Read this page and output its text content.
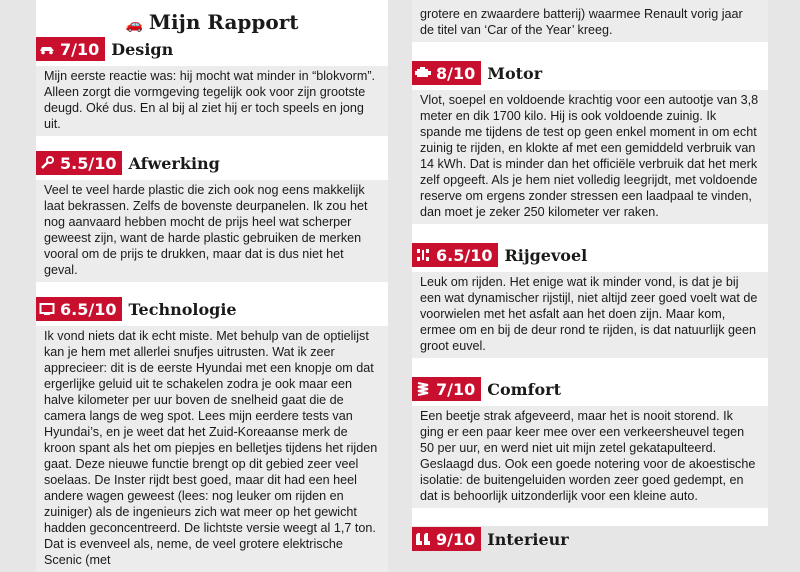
🚗 Mijn Rapport
7/10 Design
Mijn eerste reactie was: hij mocht wat minder in “blokvorm”. Alleen zorgt die vormgeving tegelijk ook voor zijn grootste deugd. Oké dus. En al bij al ziet hij er toch speels en jong uit.
5.5/10 Afwerking
Veel te veel harde plastic die zich ook nog eens makkelijk laat bekrassen. Zelfs de bovenste deurpanelen. Ik zou het nog aanvaard hebben mocht de prijs heel wat scherper geweest zijn, want de harde plastic gebruiken de merken vooral om de prijs te drukken, maar dat is dus niet het geval.
6.5/10 Technologie
Ik vond niets dat ik echt miste. Met behulp van de optielijst kan je hem met allerlei snufjes uitrusten. Wat ik zeer apprecieer: dit is de eerste Hyundai met een knopje om dat ergerlijke geluid uit te schakelen zodra je ook maar een halve kilometer per uur boven de snelheid gaat die de camera langs de weg spot. Lees mijn eerdere tests van Hyundai’s, en je weet dat het Zuid-Koreaanse merk de kroon spant als het om piepjes en belletjes tijdens het rijden gaat. Deze nieuwe functie brengt op dit gebied zeer veel soelaas. De Inster rijdt best goed, maar dit had een heel andere wagen geweest (lees: nog leuker om rijden en zuiniger) als de ingenieurs zich wat meer op het gewicht hadden geconcentreerd. De lichtste versie weegt al 1,7 ton. Dat is evenveel als, neme, de veel grotere elektrische Scenic (met
grotere en zwaardere batterij) waarmee Renault vorig jaar de titel van ‘Car of the Year’ kreeg.
8/10 Motor
Vlot, soepel en voldoende krachtig voor een autootje van 3,8 meter en dik 1700 kilo. Hij is ook voldoende zuinig. Ik spande me tijdens de test op geen enkel moment in om echt zuinig te rijden, en klokte af met een gemiddeld verbruik van 14 kWh. Dat is minder dan het officiële verbruik dat het merk zelf opgeeft. Als je hem niet volledig leegrijdt, met voldoende reserve om ergens zonder stressen een laadpaal te vinden, dan moet je zeker 250 kilometer ver raken.
6.5/10 Rijgevoel
Leuk om rijden. Het enige wat ik minder vond, is dat je bij een wat dynamischer rijstijl, niet altijd zeer goed voelt wat de voorwielen met het asfalt aan het doen zijn. Maar kom, ermee om en bij de deur rond te rijden, is dat natuurlijk geen groot euvel.
7/10 Comfort
Een beetje strak afgeveerd, maar het is nooit storend. Ik ging er een paar keer mee over een verkeersheuvel tegen 50 per uur, en werd niet uit mijn zetel gekatapulteerd. Geslaagd dus. Ook een goede notering voor de akoestische isolatie: de buitengeluiden worden zeer goed gedempt, en dat is behoorlijk uitzonderlijk voor een kleine auto.
9/10 Interieur
